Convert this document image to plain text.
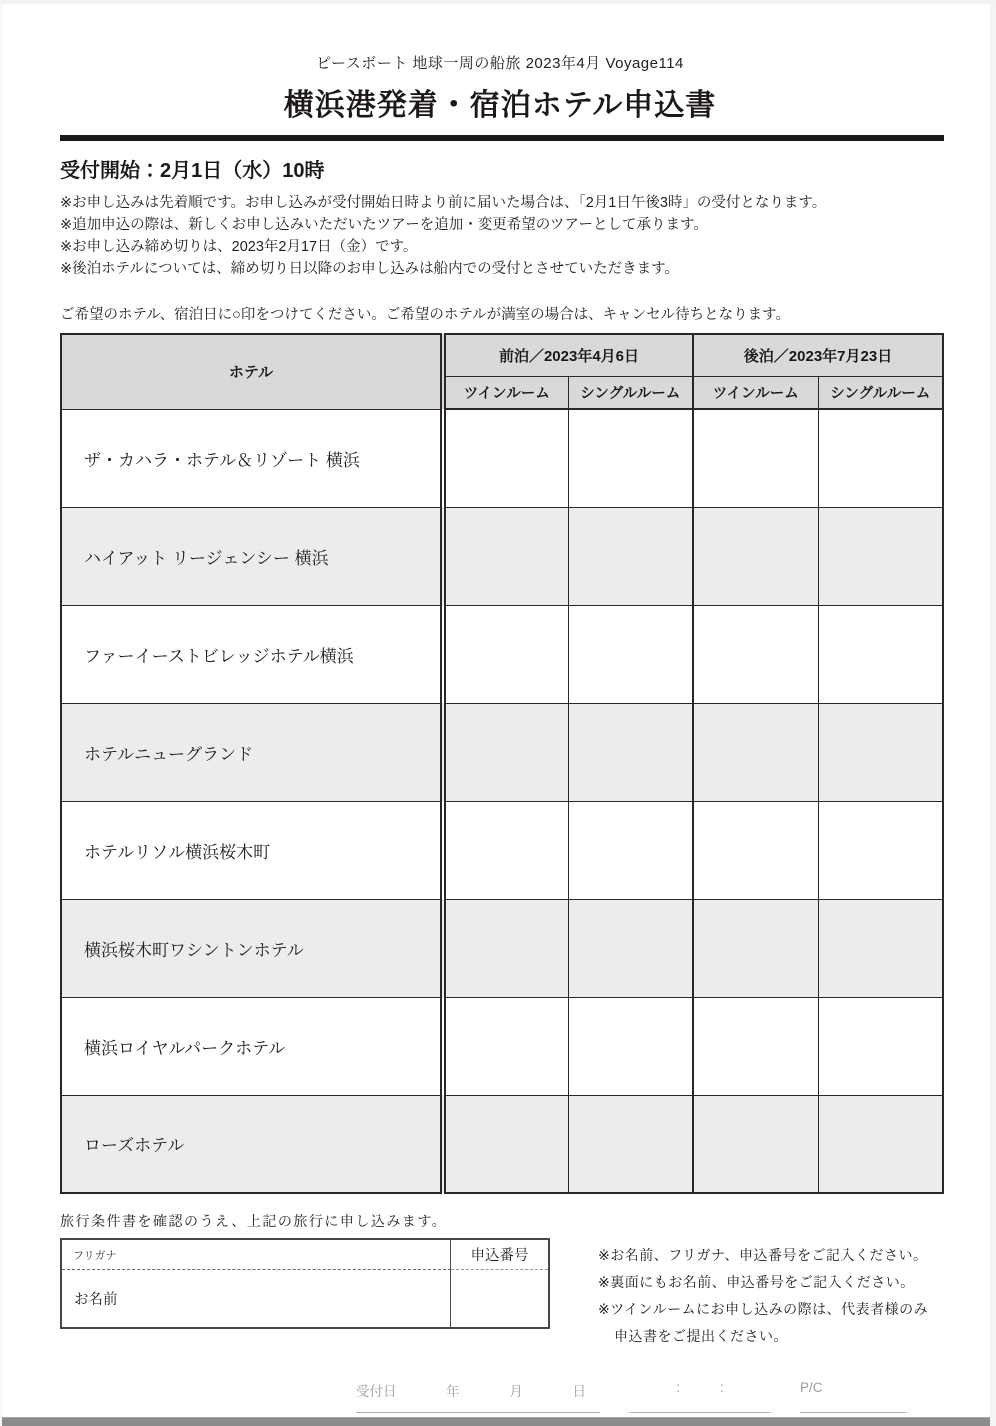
ピースボート 地球一周の船旅 2023年4月 Voyage114
横浜港発着・宿泊ホテル申込書
受付開始：2月1日（水）10時
※お申し込みは先着順です。お申し込みが受付開始日時より前に届いた場合は、「2月1日午後3時」の受付となります。
※追加申込の際は、新しくお申し込みいただいたツアーを追加・変更希望のツアーとして承ります。
※お申し込み締め切りは、2023年2月17日（金）です。
※後泊ホテルについては、締め切り日以降のお申し込みは船内での受付とさせていただきます。
ご希望のホテル、宿泊日に○印をつけてください。ご希望のホテルが満室の場合は、キャンセル待ちとなります。
ホテル	前泊／2023年4月6日		後泊／2023年7月23日	
	ツインルーム	シングルルーム	ツインルーム	シングルルーム
ザ・カハラ・ホテル＆リゾート 横浜				
ハイアット リージェンシー 横浜				
ファーイーストビレッジホテル横浜				
ホテルニューグランド				
ホテルリソル横浜桜木町				
横浜桜木町ワシントンホテル				
横浜ロイヤルパークホテル				
ローズホテル				
旅行条件書を確認のうえ、上記の旅行に申し込みます。
フリガナ	申込番号
お名前
※お名前、フリガナ、申込番号をご記入ください。
※裏面にもお名前、申込番号をご記入ください。
※ツインルームにお申し込みの際は、代表者様のみ
申込書をご提出ください。
受付日	年	月	日	:	:	P/C
